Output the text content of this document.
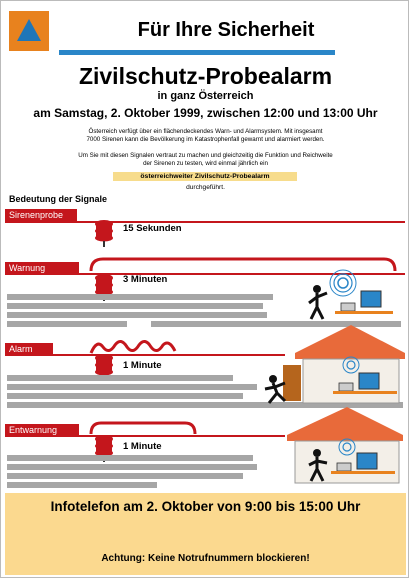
Für Ihre Sicherheit
Zivilschutz-Probealarm
in ganz Österreich
am Samstag, 2. Oktober 1999, zwischen 12:00 und 13:00 Uhr
Österreich verfügt über ein flächendeckendes Warn- und Alarmsystem. Mit insgesamt
7000 Sirenen kann die Bevölkerung im Katastrophenfall gewarnt und alarmiert werden.
Um Sie mit diesen Signalen vertraut zu machen und gleichzeitig die Funktion und Reichweite
der Sirenen zu testen, wird einmal jährlich ein
österreichweiter Zivilschutz-Probealarm
durchgeführt.
Bedeutung der Signale
Sirenenprobe
15 Sekunden
Warnung
3 Minuten
Alarm
1 Minute
Entwarnung
1 Minute
Infotelefon am 2. Oktober von 9:00 bis 15:00 Uhr
Achtung: Keine Notrufnummern blockieren!
